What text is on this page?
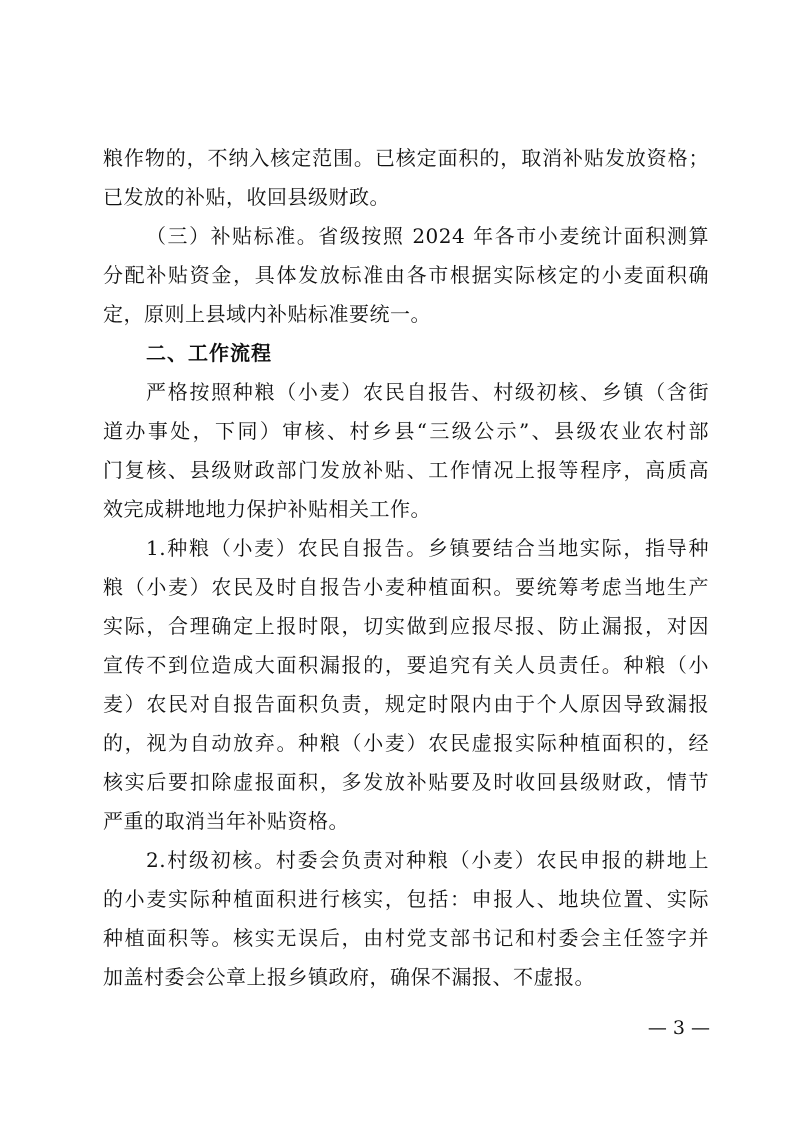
粮作物的，不纳入核定范围。已核定面积的，取消补贴发放资格；
已发放的补贴，收回县级财政。
（三）补贴标准。省级按照 2024 年各市小麦统计面积测算
分配补贴资金，具体发放标准由各市根据实际核定的小麦面积确
定，原则上县域内补贴标准要统一。
二、工作流程
严格按照种粮（小麦）农民自报告、村级初核、乡镇（含街
道办事处，下同）审核、村乡县“三级公示”、县级农业农村部
门复核、县级财政部门发放补贴、工作情况上报等程序，高质高
效完成耕地地力保护补贴相关工作。
1.种粮（小麦）农民自报告。乡镇要结合当地实际，指导种
粮（小麦）农民及时自报告小麦种植面积。要统筹考虑当地生产
实际，合理确定上报时限，切实做到应报尽报、防止漏报，对因
宣传不到位造成大面积漏报的，要追究有关人员责任。种粮（小
麦）农民对自报告面积负责，规定时限内由于个人原因导致漏报
的，视为自动放弃。种粮（小麦）农民虚报实际种植面积的，经
核实后要扣除虚报面积，多发放补贴要及时收回县级财政，情节
严重的取消当年补贴资格。
2.村级初核。村委会负责对种粮（小麦）农民申报的耕地上
的小麦实际种植面积进行核实，包括：申报人、地块位置、实际
种植面积等。核实无误后，由村党支部书记和村委会主任签字并
加盖村委会公章上报乡镇政府，确保不漏报、不虚报。
— 3 —
